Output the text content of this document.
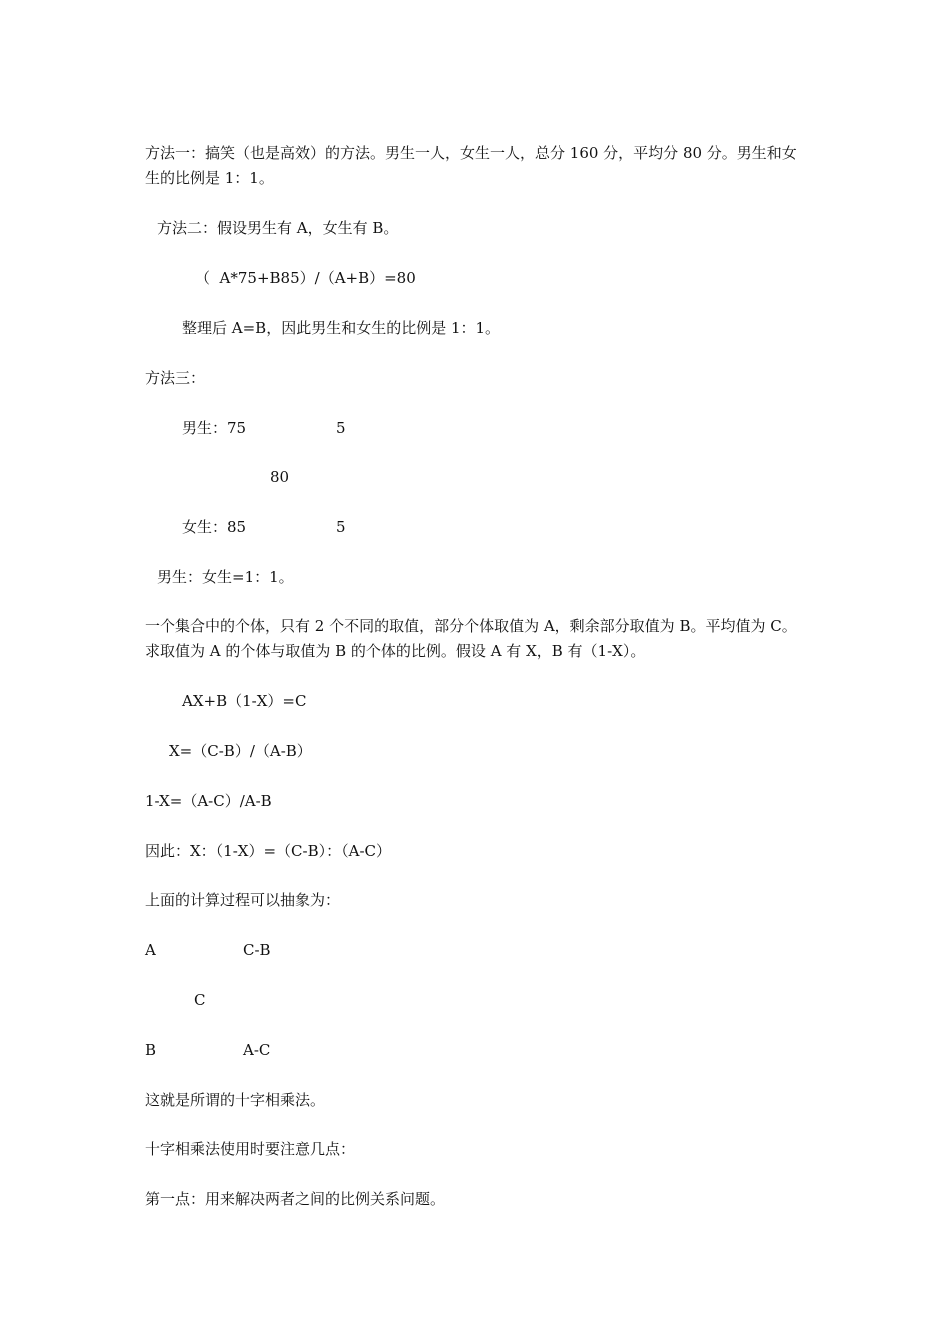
方法一：搞笑（也是高效）的方法。男生一人，女生一人，总分 160 分，平均分 80 分。男生和女生的比例是 1：1。
方法二：假设男生有 A，女生有 B。
（  A*75+B85）/（A+B）=80
整理后 A=B，因此男生和女生的比例是 1：1。
方法三：
男生：75	5
80
女生：85	5
男生：女生=1：1。
一个集合中的个体，只有 2 个不同的取值，部分个体取值为 A，剩余部分取值为 B。平均值为 C。求取值为 A 的个体与取值为 B 的个体的比例。假设 A 有 X，B 有（1-X）。
AX+B（1-X）=C
X=（C-B）/（A-B）
1-X=（A-C）/A-B
因此：X：（1-X）=（C-B）：（A-C）
上面的计算过程可以抽象为：
A	C-B
C
B	A-C
这就是所谓的十字相乘法。
十字相乘法使用时要注意几点：
第一点：用来解决两者之间的比例关系问题。
